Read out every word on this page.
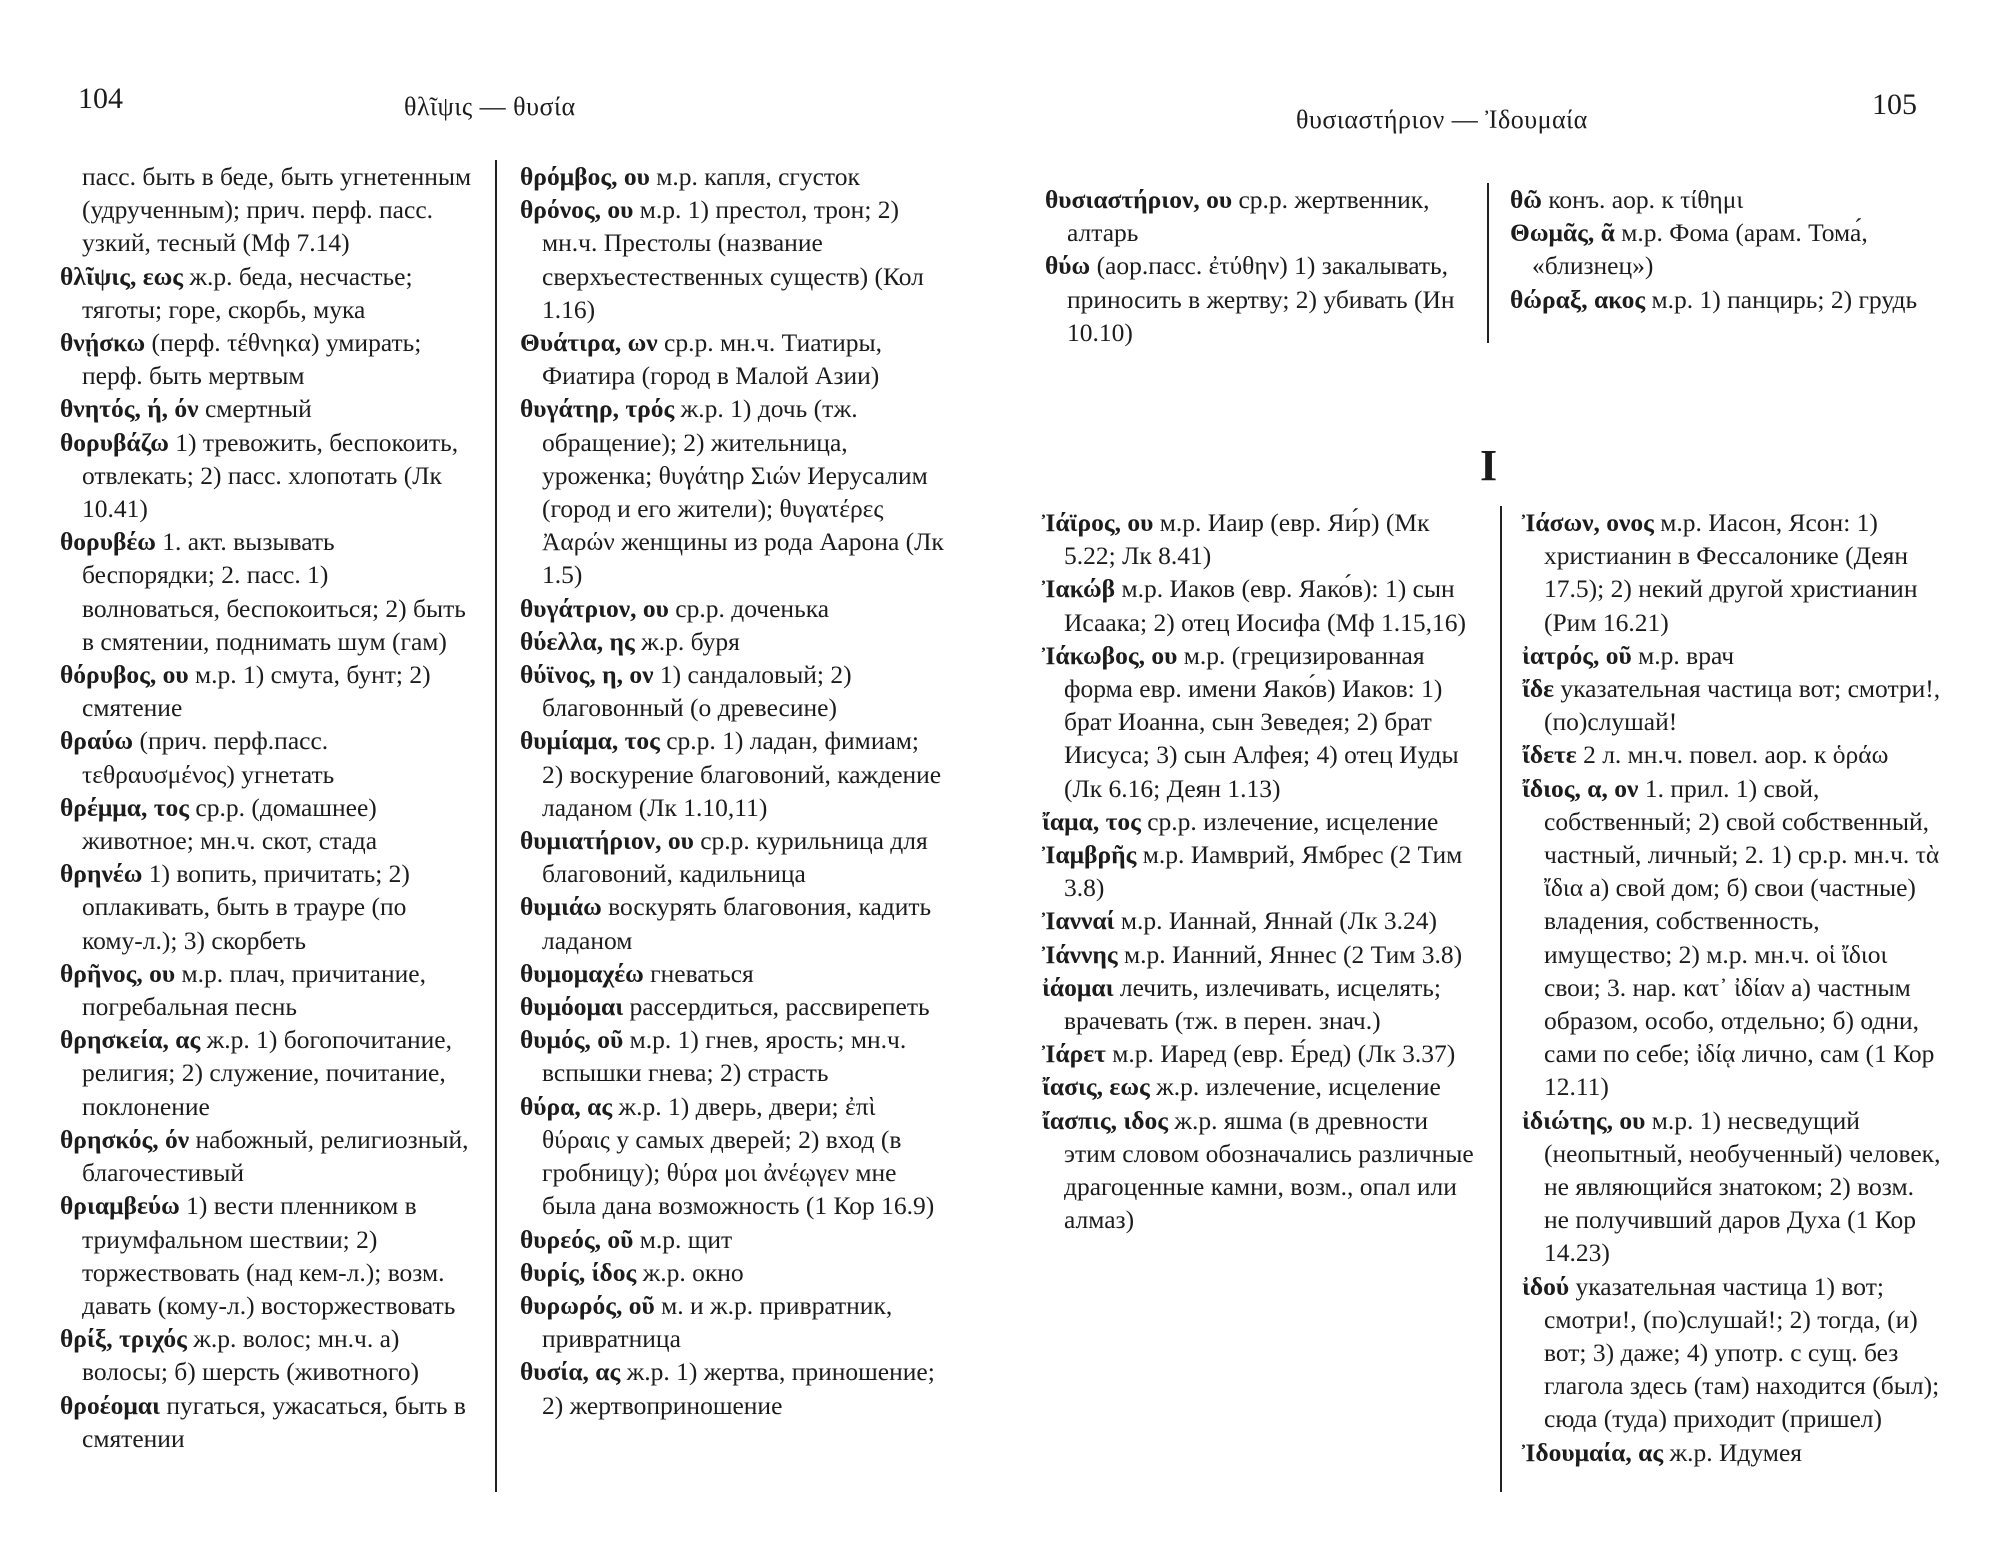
104	θλῖψις — θυσία

пасс. быть в беде, быть угнетенным (удрученным); прич. перф. пасс. узкий, тесный (Мф 7.14)

θλῖψις, εως ж.р. беда, несчастье; тяготы; горе, скорбь, мука

θνῄσκω (перф. τέθνηκα) умирать; перф. быть мертвым

θνητός, ή, όν смертный

θορυβάζω 1) тревожить, беспокоить, отвлекать; 2) пасс. хлопотать (Лк 10.41)

θορυβέω 1. акт. вызывать беспорядки; 2. пасс. 1) волноваться, беспокоиться; 2) быть в смятении, поднимать шум (гам)

θόρυβος, ου м.р. 1) смута, бунт; 2) смятение

θραύω (прич. перф.пасс. τεθραυσμένος) угнетать

θρέμμα, τος ср.р. (домашнее) животное; мн.ч. скот, стада

θρηνέω 1) вопить, причитать; 2) оплакивать, быть в трауре (по кому-л.); 3) скорбеть

θρῆνος, ου м.р. плач, причитание, погребальная песнь

θρησκεία, ας ж.р. 1) богопочитание, религия; 2) служение, почитание, поклонение

θρησκός, όν набожный, религиозный, благочестивый

θριαμβεύω 1) вести пленником в триумфальном шествии; 2) торжествовать (над кем-л.); возм. давать (кому-л.) восторжествовать

θρίξ, τριχός ж.р. волос; мн.ч. а) волосы; б) шерсть (животного)

θροέομαι пугаться, ужасаться, быть в смятении

θρόμβος, ου м.р. капля, сгусток

θρόνος, ου м.р. 1) престол, трон; 2) мн.ч. Престолы (название сверхъестественных существ) (Кол 1.16)

Θυάτιρα, ων ср.р. мн.ч. Тиатиры, Фиатира (город в Малой Азии)

θυγάτηρ, τρός ж.р. 1) дочь (тж. обращение); 2) жительница, уроженка; θυγάτηρ Σιών Иерусалим (город и его жители); θυγατέρες Ἀαρών женщины из рода Аарона (Лк 1.5)

θυγάτριον, ου ср.р. доченька

θύελλα, ης ж.р. буря

θύϊνος, η, ον 1) сандаловый; 2) благовонный (о древесине)

θυμίαμα, τος ср.р. 1) ладан, фимиам; 2) воскурение благовоний, каждение ладаном (Лк 1.10,11)

θυμιατήριον, ου ср.р. курильница для благовоний, кадильница

θυμιάω воскурять благовония, кадить ладаном

θυμομαχέω гневаться

θυμόομαι рассердиться, рассвирепеть

θυμός, οῦ м.р. 1) гнев, ярость; мн.ч. вспышки гнева; 2) страсть

θύρα, ας ж.р. 1) дверь, двери; ἐπὶ θύραις у самых дверей; 2) вход (в гробницу); θύρα μοι ἀνέῳγεν мне была дана возможность (1 Кор 16.9)

θυρεός, οῦ м.р. щит

θυρίς, ίδος ж.р. окно

θυρωρός, οῦ м. и ж.р. привратник, привратница

θυσία, ας ж.р. 1) жертва, приношение; 2) жертвоприношение

θυσιαστήριον — Ἰδουμαία	105

θυσιαστήριον, ου ср.р. жертвенник, алтарь

θύω (аор.пасс. ἐτύθην) 1) закалывать, приносить в жертву; 2) убивать (Ин 10.10)

θῶ конъ. аор. к τίθημι

Θωμᾶς, ᾶ м.р. Фома (арам. Тома́, «близнец»)

θώραξ, ακος м.р. 1) панцирь; 2) грудь

I

Ἰάϊρος, ου м.р. Иаир (евр. Яи́р) (Мк 5.22; Лк 8.41)

Ἰακώβ м.р. Иаков (евр. Яако́в): 1) сын Исаака; 2) отец Иосифа (Мф 1.15,16)

Ἰάκωβος, ου м.р. (грецизированная форма евр. имени Яако́в) Иаков: 1) брат Иоанна, сын Зеведея; 2) брат Иисуса; 3) сын Алфея; 4) отец Иуды (Лк 6.16; Деян 1.13)

ἴαμα, τος ср.р. излечение, исцеление

Ἰαμβρῆς м.р. Иамврий, Ямбрес (2 Тим 3.8)

Ἰανναί м.р. Ианнай, Яннай (Лк 3.24)

Ἰάννης м.р. Ианний, Яннес (2 Тим 3.8)

ἰάομαι лечить, излечивать, исцелять; врачевать (тж. в перен. знач.)

Ἰάρετ м.р. Иаред (евр. Е́ред) (Лк 3.37)

ἴασις, εως ж.р. излечение, исцеление

ἴασπις, ιδος ж.р. яшма (в древности этим словом обозначались различные драгоценные камни, возм., опал или алмаз)

Ἰάσων, ονος м.р. Иасон, Ясон: 1) христианин в Фессалонике (Деян 17.5); 2) некий другой христианин (Рим 16.21)

ἰατρός, οῦ м.р. врач

ἴδε указательная частица вот; смотри!, (по)слушай!

ἴδετε 2 л. мн.ч. повел. аор. к ὁράω

ἴδιος, α, ον 1. прил. 1) свой, собственный; 2) свой собственный, частный, личный; 2. 1) ср.р. мн.ч. τὰ ἴδια а) свой дом; б) свои (частные) владения, собственность, имущество; 2) м.р. мн.ч. οἱ ἴδιοι свои; 3. нар. κατ᾽ ἰδίαν а) частным образом, особо, отдельно; б) одни, сами по себе; ἰδίᾳ лично, сам (1 Кор 12.11)

ἰδιώτης, ου м.р. 1) несведущий (неопытный, необученный) человек, не являющийся знатоком; 2) возм. не получивший даров Духа (1 Кор 14.23)

ἰδού указательная частица 1) вот; смотри!, (по)слушай!; 2) тогда, (и) вот; 3) даже; 4) употр. с сущ. без глагола здесь (там) находится (был); сюда (туда) приходит (пришел)

Ἰδουμαία, ας ж.р. Идумея
